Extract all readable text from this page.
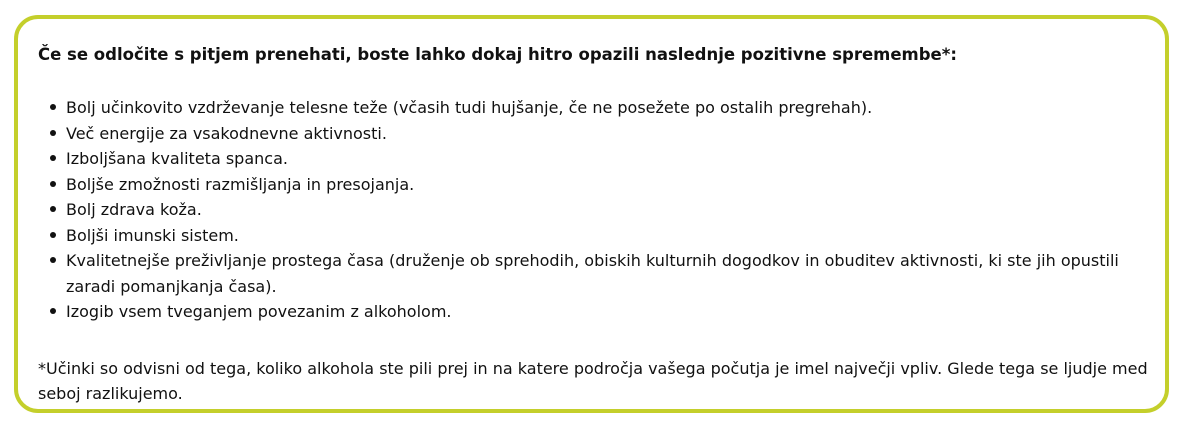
Če se odločite s pitjem prenehati, boste lahko dokaj hitro opazili naslednje pozitivne spremembe*:
Bolj učinkovito vzdrževanje telesne teže (včasih tudi hujšanje, če ne posežete po ostalih pregrehah).
Več energije za vsakodnevne aktivnosti.
Izboljšana kvaliteta spanca.
Boljše zmožnosti razmišljanja in presojanja.
Bolj zdrava koža.
Boljši imunski sistem.
Kvalitetnejše preživljanje prostega časa (druženje ob sprehodih, obiskih kulturnih dogodkov in obuditev aktivnosti, ki ste jih opustili zaradi pomanjkanja časa).
Izogib vsem tveganjem povezanim z alkoholom.
*Učinki so odvisni od tega, koliko alkohola ste pili prej in na katere področja vašega počutja je imel največji vpliv. Glede tega se ljudje med seboj razlikujemo.
